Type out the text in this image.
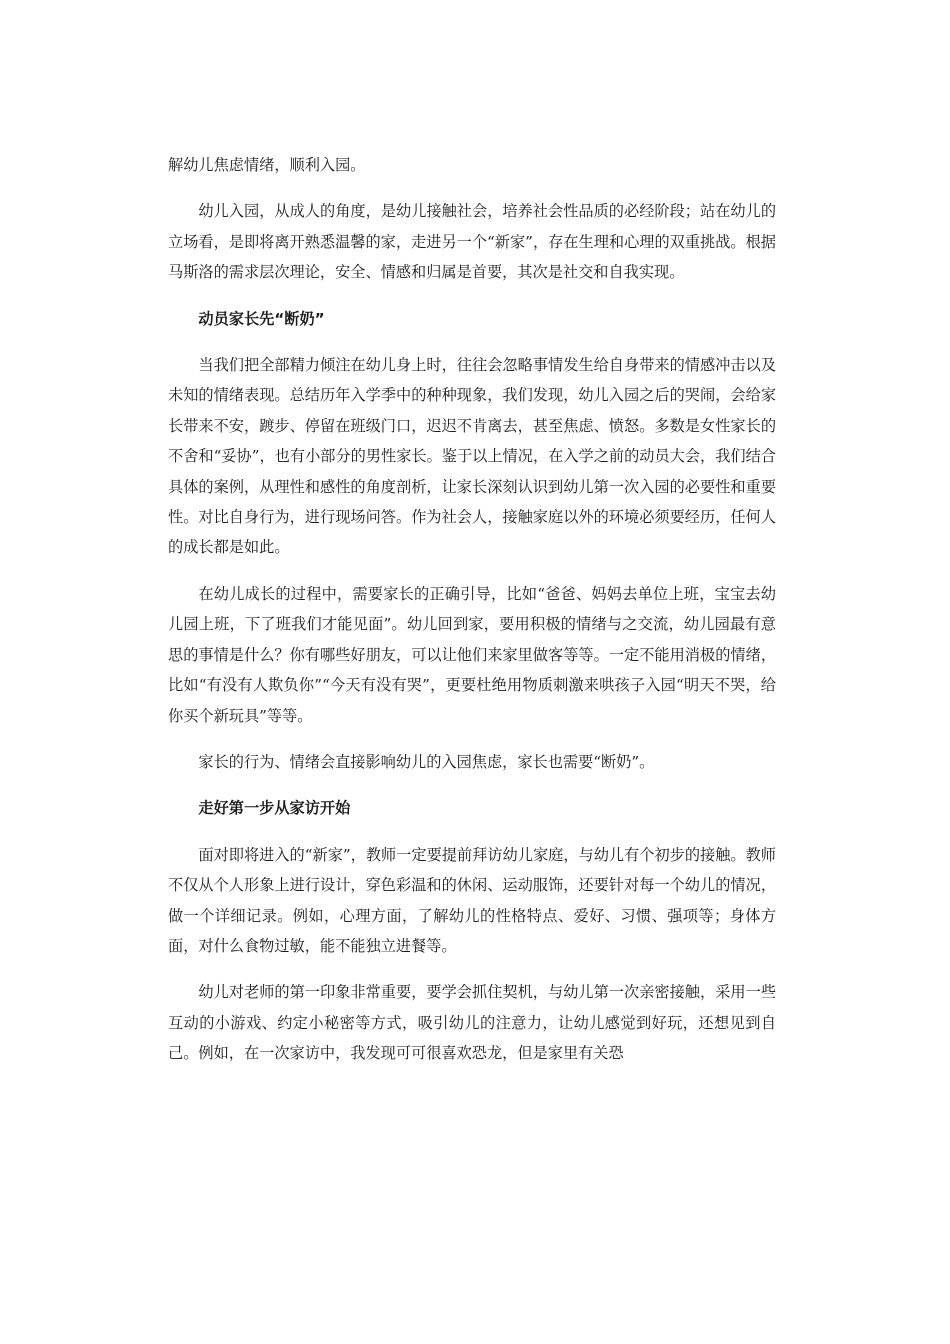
解幼儿焦虑情绪，顺利入园。

幼儿入园，从成人的角度，是幼儿接触社会，培养社会性品质的必经阶段；站在幼儿的立场看，是即将离开熟悉温馨的家，走进另一个“新家”，存在生理和心理的双重挑战。根据马斯洛的需求层次理论，安全、情感和归属是首要，其次是社交和自我实现。

动员家长先“断奶”

当我们把全部精力倾注在幼儿身上时，往往会忽略事情发生给自身带来的情感冲击以及未知的情绪表现。总结历年入学季中的种种现象，我们发现，幼儿入园之后的哭闹，会给家长带来不安，踱步、停留在班级门口，迟迟不肯离去，甚至焦虑、愤怒。多数是女性家长的不舍和“妥协”，也有小部分的男性家长。鉴于以上情况，在入学之前的动员大会，我们结合具体的案例，从理性和感性的角度剖析，让家长深刻认识到幼儿第一次入园的必要性和重要性。对比自身行为，进行现场问答。作为社会人，接触家庭以外的环境必须要经历，任何人的成长都是如此。

在幼儿成长的过程中，需要家长的正确引导，比如“爸爸、妈妈去单位上班，宝宝去幼儿园上班，下了班我们才能见面”。幼儿回到家，要用积极的情绪与之交流，幼儿园最有意思的事情是什么？你有哪些好朋友，可以让他们来家里做客等等。一定不能用消极的情绪，比如“有没有人欺负你”“今天有没有哭”，更要杜绝用物质刺激来哄孩子入园“明天不哭，给你买个新玩具”等等。

家长的行为、情绪会直接影响幼儿的入园焦虑，家长也需要“断奶”。

走好第一步从家访开始

面对即将进入的“新家”，教师一定要提前拜访幼儿家庭，与幼儿有个初步的接触。教师不仅从个人形象上进行设计，穿色彩温和的休闲、运动服饰，还要针对每一个幼儿的情况，做一个详细记录。例如，心理方面，了解幼儿的性格特点、爱好、习惯、强项等；身体方面，对什么食物过敏，能不能独立进餐等。

幼儿对老师的第一印象非常重要，要学会抓住契机，与幼儿第一次亲密接触，采用一些互动的小游戏、约定小秘密等方式，吸引幼儿的注意力，让幼儿感觉到好玩，还想见到自己。例如，在一次家访中，我发现可可很喜欢恐龙，但是家里有关恐
